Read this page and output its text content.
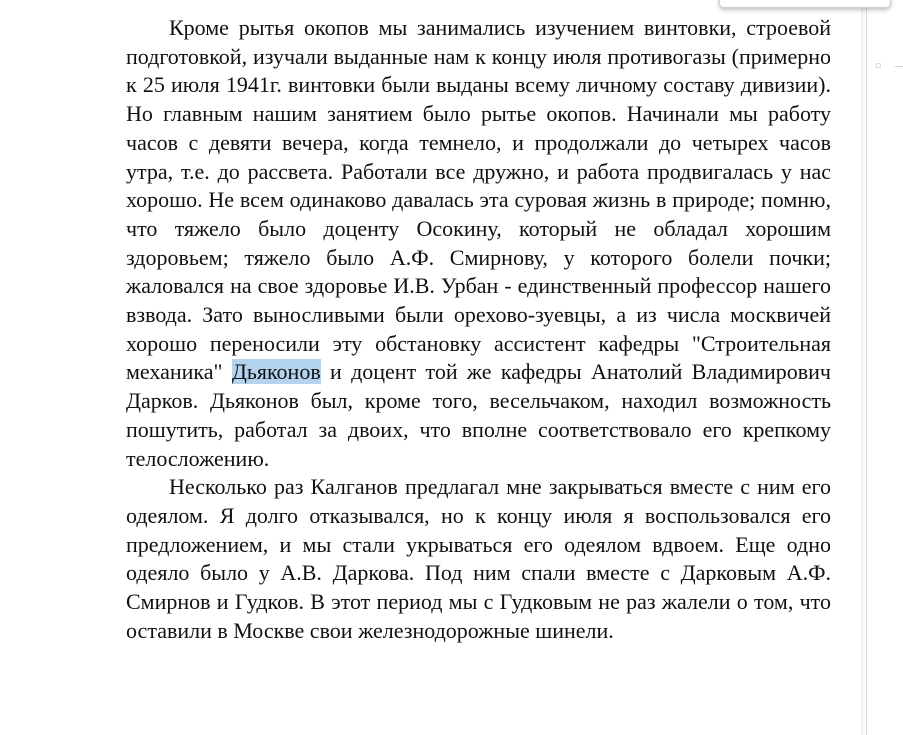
Кроме рытья окопов мы занимались изучением винтовки, строевой подготовкой, изучали выданные нам к концу июля противогазы (примерно к 25 июля 1941г. винтовки были выданы всему личному составу дивизии). Но главным нашим занятием было рытье окопов. Начинали мы работу часов с девяти вечера, когда темнело, и продолжали до четырех часов утра, т.е. до рассвета. Работали все дружно, и работа продвигалась у нас хорошо. Не всем одинаково давалась эта суровая жизнь в природе; помню, что тяжело было доценту Осокину, который не обладал хорошим здоровьем; тяжело было А.Ф. Смирнову, у которого болели почки; жаловался на свое здоровье И.В. Урбан - единственный профессор нашего взвода. Зато выносливыми были орехово-зуевцы, а из числа москвичей хорошо переносили эту обстановку ассистент кафедры "Строительная механика" Дьяконов и доцент той же кафедры Анатолий Владимирович Дарков. Дьяконов был, кроме того, весельчаком, находил возможность пошутить, работал за двоих, что вполне соответствовало его крепкому телосложению.

Несколько раз Калганов предлагал мне закрываться вместе с ним его одеялом. Я долго отказывался, но к концу июля я воспользовался его предложением, и мы стали укрываться его одеялом вдвоем. Еще одно одеяло было у А.В. Даркова. Под ним спали вместе с Дарковым А.Ф. Смирнов и Гудков. В этот период мы с Гудковым не раз жалели о том, что оставили в Москве свои железнодорожные шинели.

▫
